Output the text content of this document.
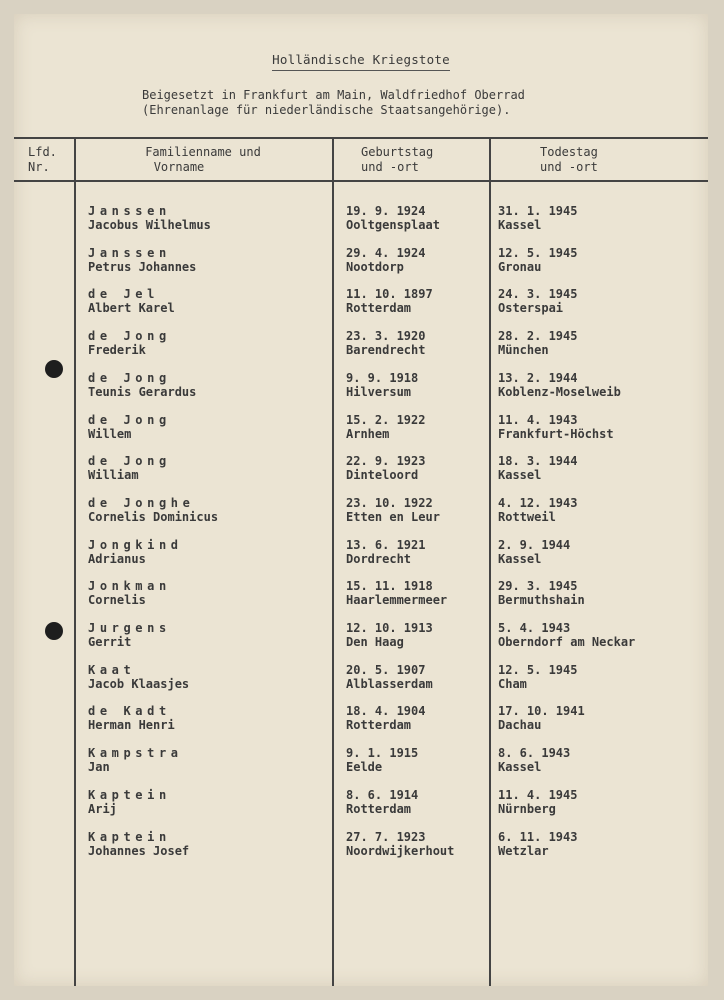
Holländische Kriegstote
Beigesetzt in Frankfurt am Main, Waldfriedhof Oberrad
(Ehrenanlage für niederländische Staatsangehörige).
Lfd.
Nr.
Familienname und
Vorname
Geburtstag
und -ort
Todestag
und -ort
Janssen
Jacobus Wilhelmus
19. 9. 1924
Ooltgensplaat
31. 1. 1945
Kassel
Janssen
Petrus Johannes
29. 4. 1924
Nootdorp
12. 5. 1945
Gronau
de Jel
Albert Karel
11. 10. 1897
Rotterdam
24. 3. 1945
Osterspai
de Jong
Frederik
23. 3. 1920
Barendrecht
28. 2. 1945
München
de Jong
Teunis Gerardus
9. 9. 1918
Hilversum
13. 2. 1944
Koblenz-Moselweib
de Jong
Willem
15. 2. 1922
Arnhem
11. 4. 1943
Frankfurt-Höchst
de Jong
William
22. 9. 1923
Dinteloord
18. 3. 1944
Kassel
de Jonghe
Cornelis Dominicus
23. 10. 1922
Etten en Leur
4. 12. 1943
Rottweil
Jongkind
Adrianus
13. 6. 1921
Dordrecht
2. 9. 1944
Kassel
Jonkman
Cornelis
15. 11. 1918
Haarlemmermeer
29. 3. 1945
Bermuthshain
Jurgens
Gerrit
12. 10. 1913
Den Haag
5. 4. 1943
Oberndorf am Neckar
Kaat
Jacob Klaasjes
20. 5. 1907
Alblasserdam
12. 5. 1945
Cham
de Kadt
Herman Henri
18. 4. 1904
Rotterdam
17. 10. 1941
Dachau
Kampstra
Jan
9. 1. 1915
Eelde
8. 6. 1943
Kassel
Kaptein
Arij
8. 6. 1914
Rotterdam
11. 4. 1945
Nürnberg
Kaptein
Johannes Josef
27. 7. 1923
Noordwijkerhout
6. 11. 1943
Wetzlar
